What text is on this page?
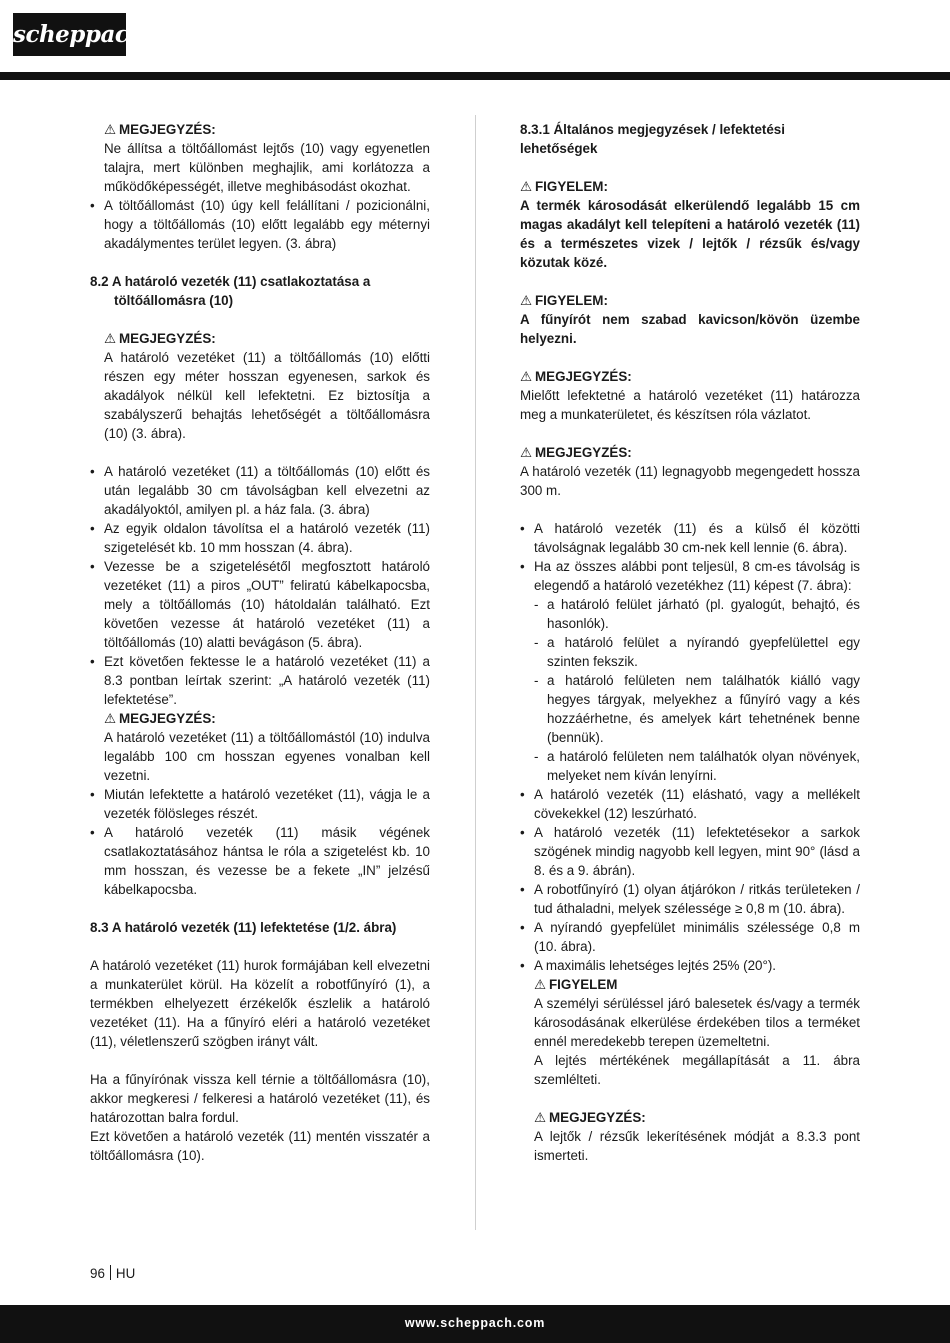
scheppach
⚠ MEGJEGYZÉS:

Ne állítsa a töltőállomást lejtős (10) vagy egyenetlen talajra, mert különben meghajlik, ami korlátozza a működőképességét, illetve meghibásodást okozhat.

• A töltőállomást (10) úgy kell felállítani / pozicionálni, hogy a töltőállomás (10) előtt legalább egy méternyi akadálymentes terület legyen. (3. ábra)
8.2 A határoló vezeték (11) csatlakoztatása a töltőállomásra (10)
⚠ MEGJEGYZÉS:

A határoló vezetéket (11) a töltőállomás (10) előtti részen egy méter hosszan egyenesen, sarkok és akadályok nélkül kell lefektetni. Ez biztosítja a szabályszerű behajtás lehetőségét a töltőállomásra (10) (3. ábra).

• A határoló vezetéket (11) a töltőállomás (10) előtt és után legalább 30 cm távolságban kell elvezetni az akadályoktól, amilyen pl. a ház fala. (3. ábra)
• Az egyik oldalon távolítsa el a határoló vezeték (11) szigetelését kb. 10 mm hosszan (4. ábra).
• Vezesse be a szigetelésétől megfosztott határoló vezetéket (11) a piros „OUT” feliratú kábelkapocsba, mely a töltőállomás (10) hátoldalán található. Ezt követően vezesse át határoló vezetéket (11) a töltőállomás (10) alatti bevágáson (5. ábra).
• Ezt követően fektesse le a határoló vezetéket (11) a 8.3 pontban leírtak szerint: „A határoló vezeték (11) lefektetése”.
⚠ MEGJEGYZÉS:

A határoló vezetéket (11) a töltőállomástól (10) indulva legalább 100 cm hosszan egyenes vonalban kell vezetni.

• Miután lefektette a határoló vezetéket (11), vágja le a vezeték fölösleges részét.
• A határoló vezeték (11) másik végének csatlakoztatásához hántsa le róla a szigetelést kb. 10 mm hosszan, és vezesse be a fekete „IN” jelzésű kábelkapocsba.
8.3 A határoló vezeték (11) lefektetése (1/2. ábra)

A határoló vezetéket (11) hurok formájában kell elvezetni a munkaterület körül. Ha közelít a robotfűnyíró (1), a termékben elhelyezett érzékelők észlelik a határoló vezetéket (11). Ha a fűnyíró eléri a határoló vezetéket (11), véletlenszerű szögben irányt vált.

Ha a fűnyírónak vissza kell térnie a töltőállomásra (10), akkor megkeresi / felkeresi a határoló vezetéket (11), és határozottan balra fordul.

Ezt követően a határoló vezeték (11) mentén visszatér a töltőállomásra (10).

8.3.1 Általános megjegyzések / lefektetési lehetőségek
⚠ FIGYELEM:

A termék károsodását elkerülendő legalább 15 cm magas akadályt kell telepíteni a határoló vezeték (11) és a természetes vizek / lejtők / rézsűk és/vagy közutak közé.

⚠ FIGYELEM:

A fűnyírót nem szabad kavicson/kövön üzembe helyezni.

⚠ MEGJEGYZÉS:

Mielőtt lefektetné a határoló vezetéket (11) határozza meg a munkaterületet, és készítsen róla vázlatot.

⚠ MEGJEGYZÉS:

A határoló vezeték (11) legnagyobb megengedett hossza 300 m.

• A határoló vezeték (11) és a külső él közötti távolságnak legalább 30 cm-nek kell lennie (6. ábra).
• Ha az összes alábbi pont teljesül, 8 cm-es távolság is elegendő a határoló vezetékhez (11) képest (7. ábra):
- a határoló felület járható (pl. gyalogút, behajtó, és hasonlók).
- a határoló felület a nyírandó gyepfelülettel egy szinten fekszik.
- a határoló felületen nem találhatók kiálló vagy hegyes tárgyak, melyekhez a fűnyíró vagy a kés hozzáérhetne, és amelyek kárt tehetnének benne (bennük).
- a határoló felületen nem találhatók olyan növények, melyeket nem kíván lenyírni.
• A határoló vezeték (11) elásható, vagy a mellékelt cövekekkel (12) leszúrható.
• A határoló vezeték (11) lefektetésekor a sarkok szögének mindig nagyobb kell legyen, mint 90° (lásd a 8. és a 9. ábrán).
• A robotfűnyíró (1) olyan átjárókon / ritkás területeken / tud áthaladni, melyek szélessége ≥ 0,8 m (10. ábra).
• A nyírandó gyepfelület minimális szélessége 0,8 m (10. ábra).
• A maximális lehetséges lejtés 25% (20°).
⚠ FIGYELEM

A személyi sérüléssel járó balesetek és/vagy a termék károsodásának elkerülése érdekében tilos a terméket ennél meredekebb terepen üzemeltetni.

A lejtés mértékének megállapítását a 11. ábra szemlélteti.

⚠ MEGJEGYZÉS:

A lejtők / rézsűk lekerítésének módját a 8.3.3 pont ismerteti.

96 HU
www.scheppach.com
